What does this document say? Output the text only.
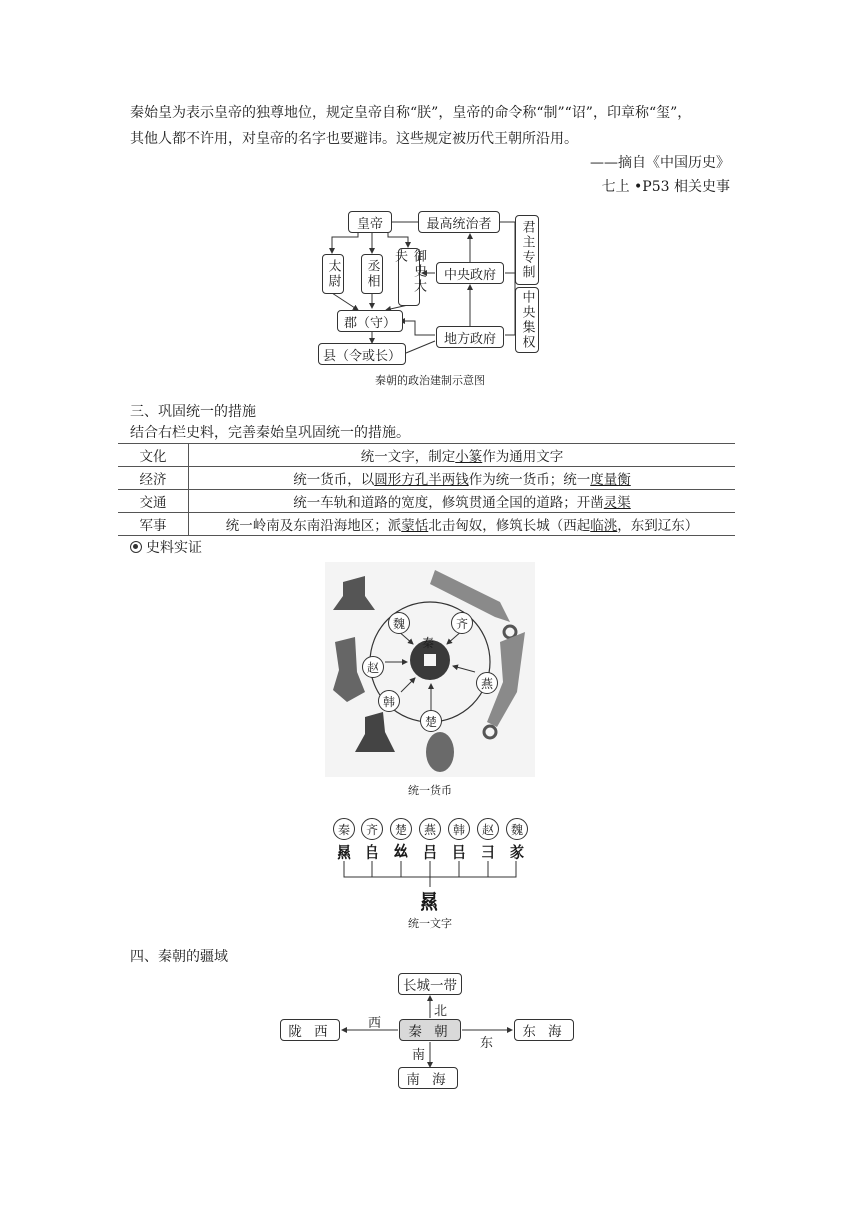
秦始皇为表示皇帝的独尊地位，规定皇帝自称“朕”，皇帝的命令称“制”“诏”，印章称“玺”，
其他人都不许用，对皇帝的名字也要避讳。这些规定被历代王朝所沿用。
——摘自《中国历史》
七上 •P53 相关史事
皇帝	最高统治者
太尉 丞相	御史大夫
中央政府
郡（守）
地方政府
县（令或长）
君主专制
中央集权
秦朝的政治建制示意图
三、巩固统一的措施
结合右栏史料，完善秦始皇巩固统一的措施。
文化	统一文字，制定小篆作为通用文字
经济	统一货币，以圆形方孔半两钱作为统一货币；统一度量衡
交通	统一车轨和道路的宽度，修筑贯通全国的道路；开凿灵渠
军事	统一岭南及东南沿海地区；派蒙恬北击匈奴，修筑长城（西起临洮，东到辽东）
史料实证
秦
魏	齐
赵
燕
韩
楚
统一货币
秦	齐	楚	燕	韩	赵	魏
㬎 𠂤 𢆶 吕 㠯 彐 㒸
㬎
统一文字
四、秦朝的疆域
长城一带
北
陇 西
西
秦 朝
东
东 海
南
南 海
